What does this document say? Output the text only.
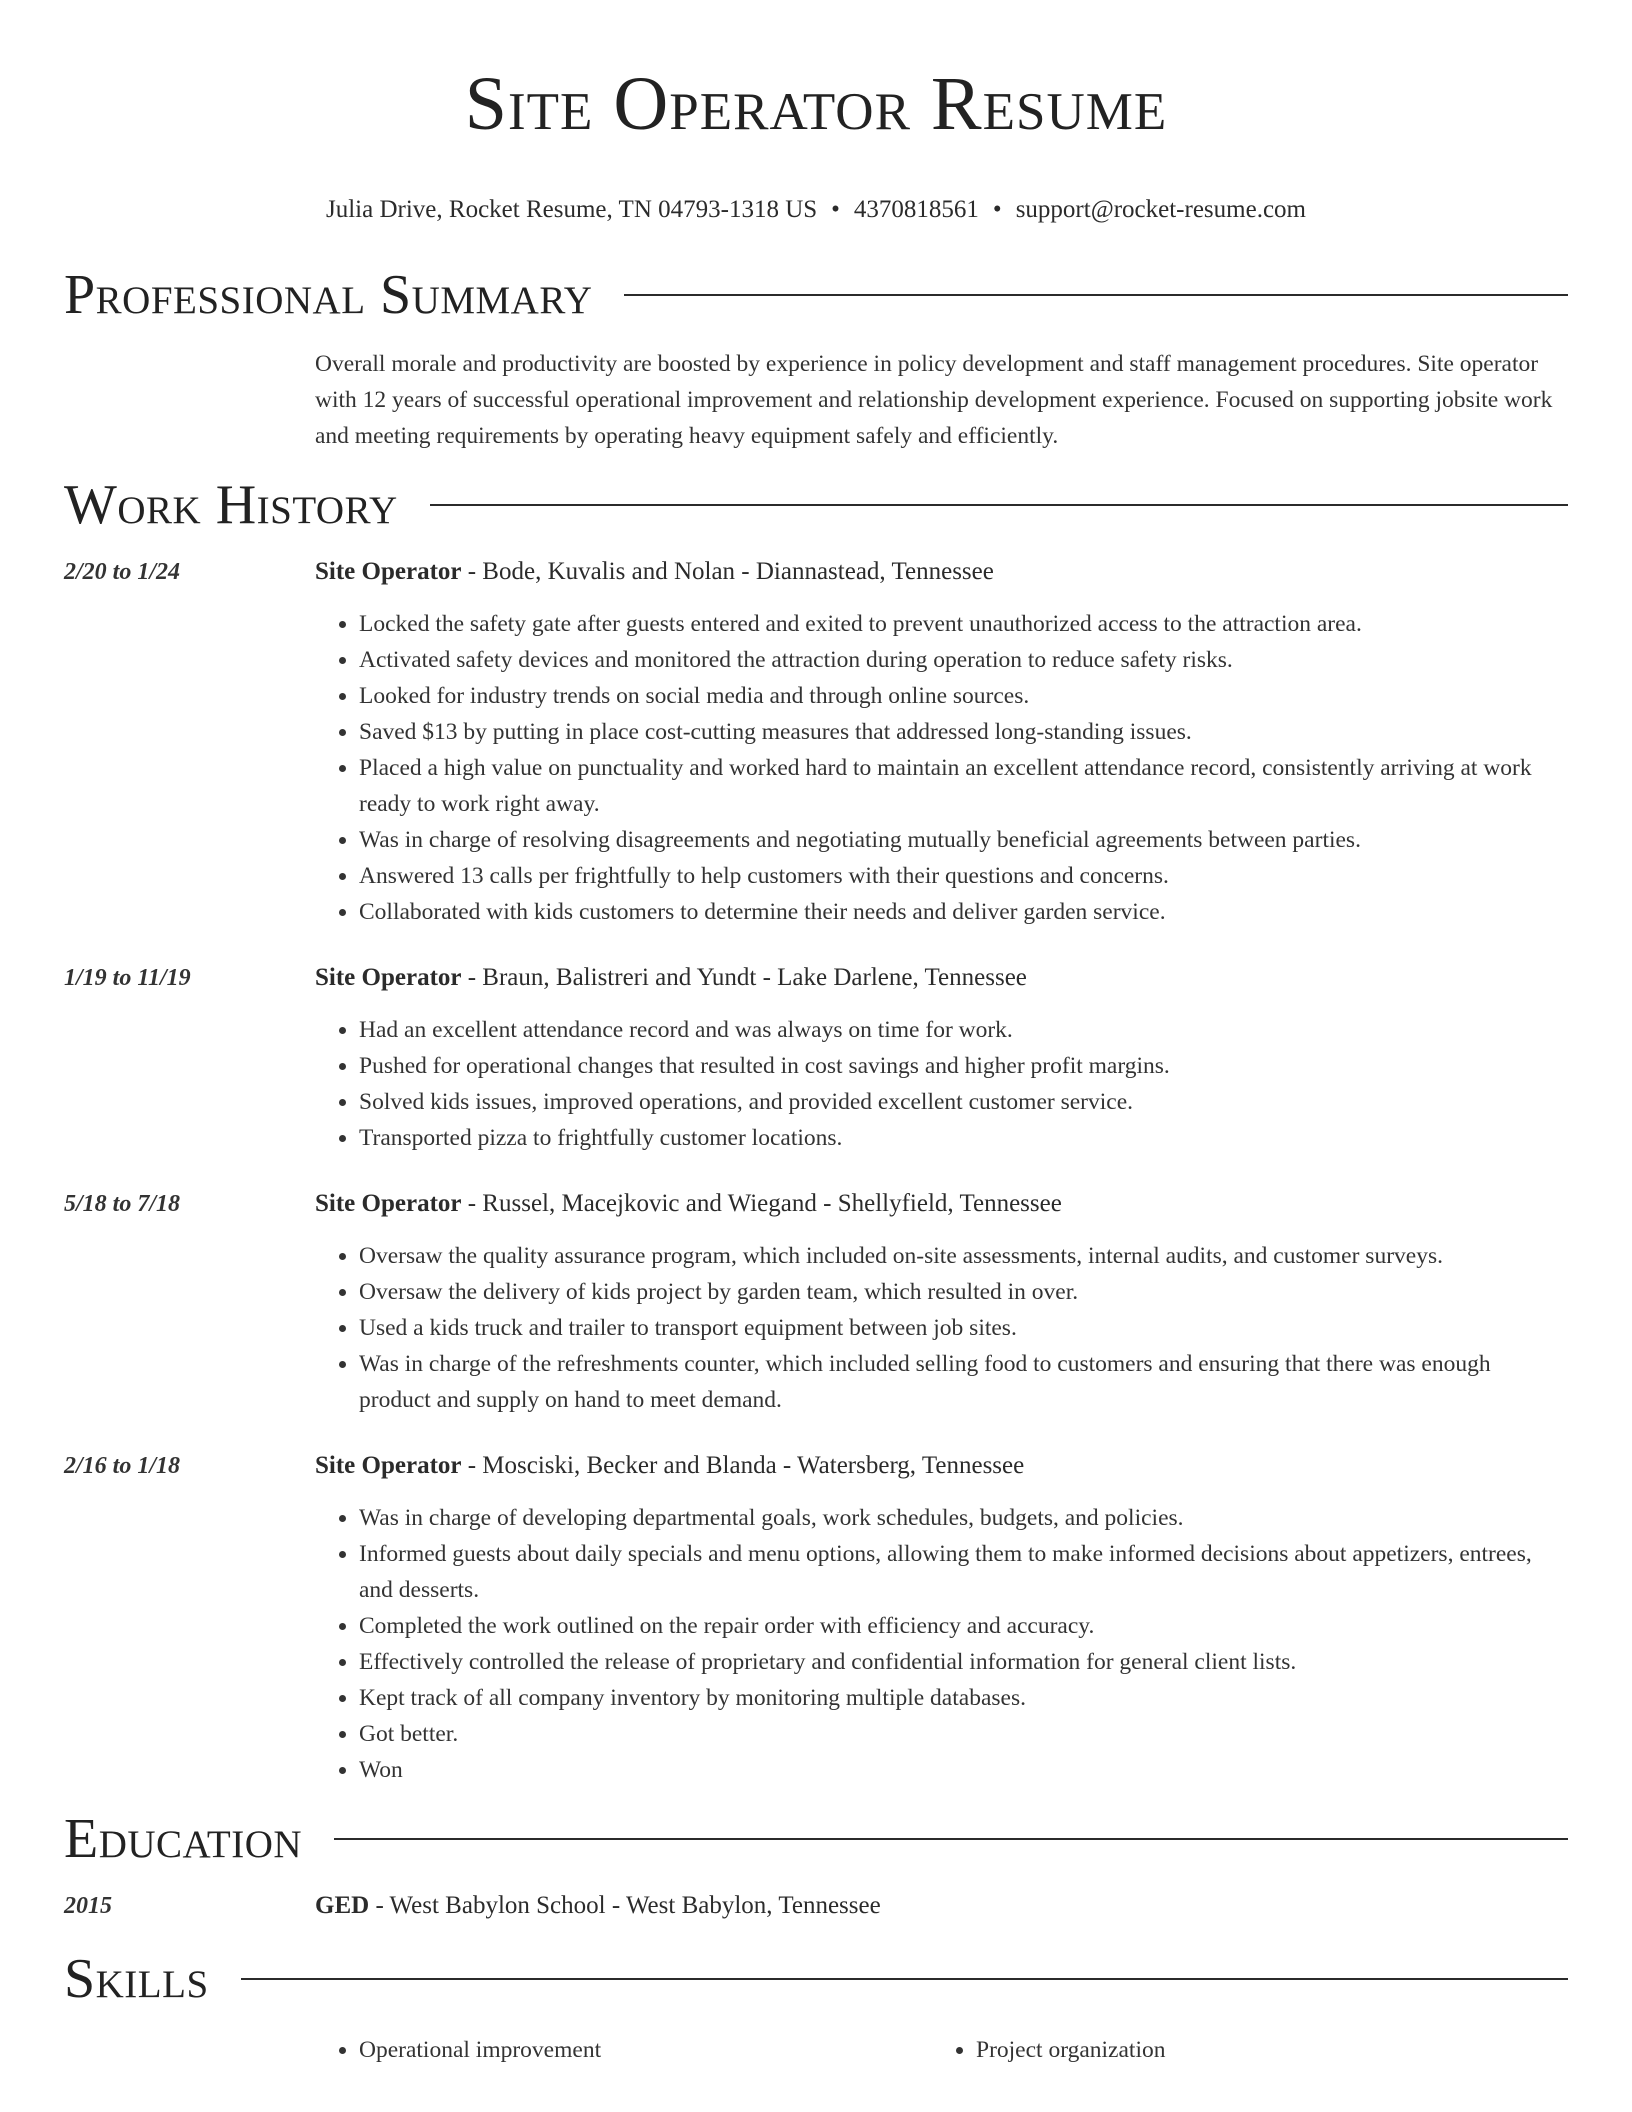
Site Operator Resume
Julia Drive, Rocket Resume, TN 04793-1318 US • 4370818561 • support@rocket-resume.com
Professional Summary
Overall morale and productivity are boosted by experience in policy development and staff management procedures. Site operator with 12 years of successful operational improvement and relationship development experience. Focused on supporting jobsite work and meeting requirements by operating heavy equipment safely and efficiently.
Work History
2/20 to 1/24	Site Operator - Bode, Kuvalis and Nolan - Diannastead, Tennessee
• Locked the safety gate after guests entered and exited to prevent unauthorized access to the attraction area.
• Activated safety devices and monitored the attraction during operation to reduce safety risks.
• Looked for industry trends on social media and through online sources.
• Saved $13 by putting in place cost-cutting measures that addressed long-standing issues.
• Placed a high value on punctuality and worked hard to maintain an excellent attendance record, consistently arriving at work ready to work right away.
• Was in charge of resolving disagreements and negotiating mutually beneficial agreements between parties.
• Answered 13 calls per frightfully to help customers with their questions and concerns.
• Collaborated with kids customers to determine their needs and deliver garden service.
1/19 to 11/19	Site Operator - Braun, Balistreri and Yundt - Lake Darlene, Tennessee
• Had an excellent attendance record and was always on time for work.
• Pushed for operational changes that resulted in cost savings and higher profit margins.
• Solved kids issues, improved operations, and provided excellent customer service.
• Transported pizza to frightfully customer locations.
5/18 to 7/18	Site Operator - Russel, Macejkovic and Wiegand - Shellyfield, Tennessee
• Oversaw the quality assurance program, which included on-site assessments, internal audits, and customer surveys.
• Oversaw the delivery of kids project by garden team, which resulted in over.
• Used a kids truck and trailer to transport equipment between job sites.
• Was in charge of the refreshments counter, which included selling food to customers and ensuring that there was enough product and supply on hand to meet demand.
2/16 to 1/18	Site Operator - Mosciski, Becker and Blanda - Watersberg, Tennessee
• Was in charge of developing departmental goals, work schedules, budgets, and policies.
• Informed guests about daily specials and menu options, allowing them to make informed decisions about appetizers, entrees, and desserts.
• Completed the work outlined on the repair order with efficiency and accuracy.
• Effectively controlled the release of proprietary and confidential information for general client lists.
• Kept track of all company inventory by monitoring multiple databases.
• Got better.
• Won
Education
2015	GED - West Babylon School - West Babylon, Tennessee
Skills
• Operational improvement
•	Project organization
